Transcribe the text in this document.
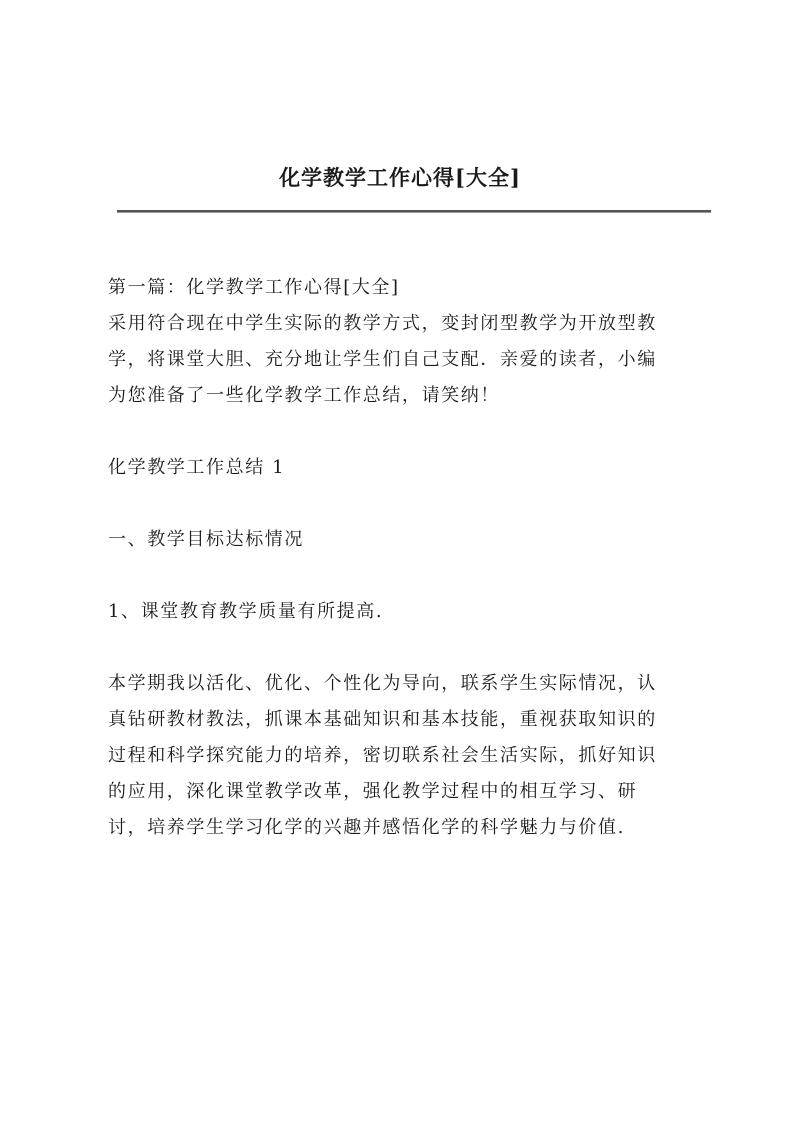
化学教学工作心得[大全]

第一篇：化学教学工作心得[大全]

采用符合现在中学生实际的教学方式，变封闭型教学为开放型教

学，将课堂大胆、充分地让学生们自己支配．亲爱的读者，小编

为您准备了一些化学教学工作总结，请笑纳！

化学教学工作总结 1

一、教学目标达标情况

1、课堂教育教学质量有所提高.

本学期我以活化、优化、个性化为导向，联系学生实际情况，认

真钻研教材教法，抓课本基础知识和基本技能，重视获取知识的

过程和科学探究能力的培养，密切联系社会生活实际，抓好知识

的应用，深化课堂教学改革，强化教学过程中的相互学习、研

讨，培养学生学习化学的兴趣并感悟化学的科学魅力与价值.
